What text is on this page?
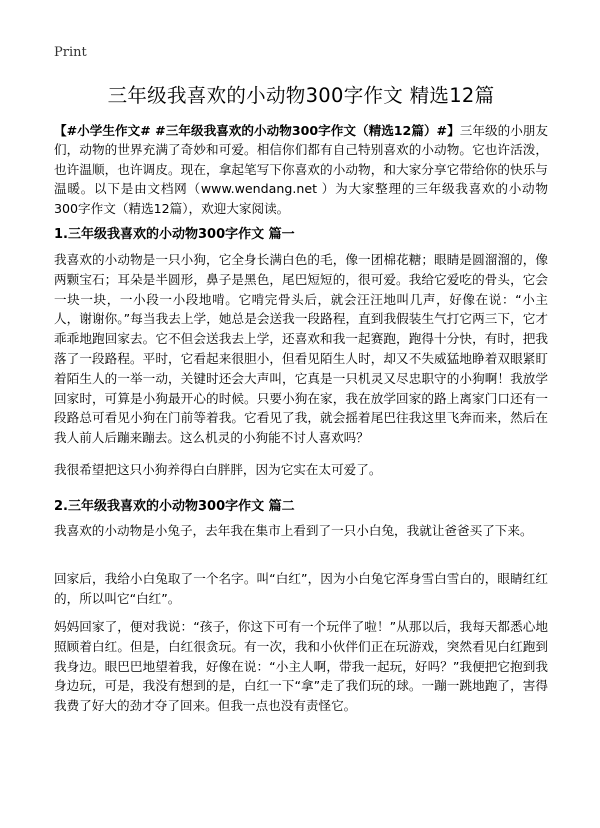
Print
三年级我喜欢的小动物300字作文 精选12篇

【#小学生作文# #三年级我喜欢的小动物300字作文（精选12篇）#】三年级的小朋友们，动物的世界充满了奇妙和可爱。相信你们都有自己特别喜欢的小动物。它也许活泼，也许温顺，也许调皮。现在，拿起笔写下你喜欢的小动物，和大家分享它带给你的快乐与温暖。以下是由文档网（www.wendang.net ）为大家整理的三年级我喜欢的小动物300字作文（精选12篇），欢迎大家阅读。

1.三年级我喜欢的小动物300字作文 篇一

我喜欢的小动物是一只小狗，它全身长满白色的毛，像一团棉花糖；眼睛是圆溜溜的，像两颗宝石；耳朵是半圆形，鼻子是黑色，尾巴短短的，很可爱。我给它爱吃的骨头，它会一块一块，一小段一小段地啃。它啃完骨头后，就会汪汪地叫几声，好像在说：“小主人，谢谢你。”每当我去上学，她总是会送我一段路程，直到我假装生气打它两三下，它才乖乖地跑回家去。它不但会送我去上学，还喜欢和我一起赛跑，跑得十分快，有时，把我落了一段路程。平时，它看起来很胆小，但看见陌生人时，却又不失威猛地睁着双眼紧盯着陌生人的一举一动，关键时还会大声叫，它真是一只机灵又尽忠职守的小狗啊！我放学回家时，可算是小狗最开心的时候。只要小狗在家，我在放学回家的路上离家门口还有一段路总可看见小狗在门前等着我。它看见了我，就会摇着尾巴往我这里飞奔而来，然后在我人前人后蹦来蹦去。这么机灵的小狗能不讨人喜欢吗？

我很希望把这只小狗养得白白胖胖，因为它实在太可爱了。

2.三年级我喜欢的小动物300字作文 篇二

我喜欢的小动物是小兔子，去年我在集市上看到了一只小白兔，我就让爸爸买了下来。

回家后，我给小白兔取了一个名字。叫“白红”，因为小白兔它浑身雪白雪白的，眼睛红红的，所以叫它“白红”。

妈妈回家了，便对我说：“孩子，你这下可有一个玩伴了啦！”从那以后，我每天都悉心地照顾着白红。但是，白红很贪玩。有一次，我和小伙伴们正在玩游戏，突然看见白红跑到我身边。眼巴巴地望着我，好像在说：“小主人啊，带我一起玩，好吗？”我便把它抱到我身边玩，可是，我没有想到的是，白红一下“拿”走了我们玩的球。一蹦一跳地跑了，害得我费了好大的劲才夺了回来。但我一点也没有责怪它。
